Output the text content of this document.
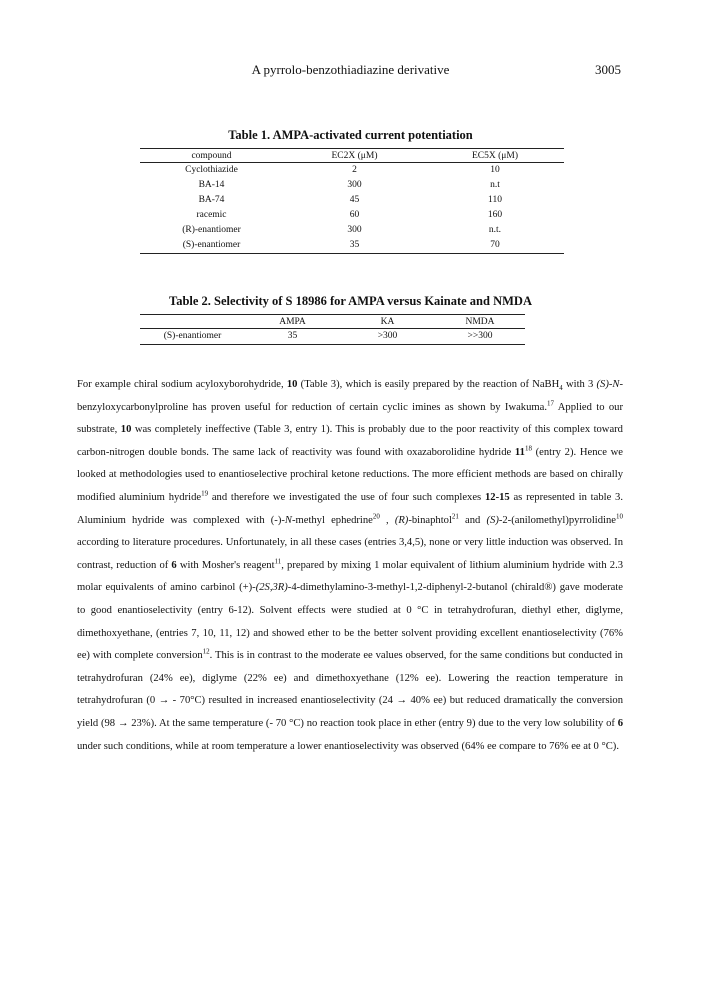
A pyrrolo-benzothiadiazine derivative	3005
Table 1. AMPA-activated current potentiation
compound	EC2X (μM)	EC5X (μM)
Cyclothiazide	2	10
BA-14	300	n.t
BA-74	45	110
racemic	60	160
(R)-enantiomer	300	n.t.
(S)-enantiomer	35	70
Table 2. Selectivity of S 18986 for AMPA versus Kainate and NMDA
	AMPA	KA	NMDA
(S)-enantiomer	35	>300	>>300

For example chiral sodium acyloxyborohydride, 10 (Table 3), which is easily prepared by the reaction of NaBH$_4$ with 3 (S)-N-benzyloxycarbonylproline has proven useful for reduction of certain cyclic imines as shown by Iwakuma.$^{17}$ Applied to our substrate, 10 was completely ineffective (Table 3, entry 1). This is probably due to the poor reactivity of this complex toward carbon-nitrogen double bonds. The same lack of reactivity was found with oxazaborolidine hydride $11^{18}$ (entry 2). Hence we looked at methodologies used to enantioselective prochiral ketone reductions. The more efficient methods are based on chirally modified aluminium hydride$^{19}$ and therefore we investigated the use of four such complexes 12-15 as represented in table 3. Aluminium hydride was complexed with (-)-N-methyl ephedrine$^{20}$ , (R)-binaphtol$^{21}$ and (S)-2-(anilomethyl)pyrrolidine$^{10}$ according to literature procedures. Unfortunately, in all these cases (entries 3,4,5), none or very little induction was observed. In contrast, reduction of 6 with Mosher's reagent$^{11}$, prepared by mixing 1 molar equivalent of lithium aluminium hydride with 2.3 molar equivalents of amino carbinol (+)-(2S,3R)-4-dimethylamino-3-methyl-1,2-diphenyl-2-butanol (chirald®) gave moderate to good enantioselectivity (entry 6-12). Solvent effects were studied at 0 °C in tetrahydrofuran, diethyl ether, diglyme, dimethoxyethane, (entries 7, 10, 11, 12) and showed ether to be the better solvent providing excellent enantioselectivity (76% ee) with complete conversion$^{12}$. This is in contrast to the moderate ee values observed, for the same conditions but conducted in tetrahydrofuran (24% ee), diglyme (22% ee) and dimethoxyethane (12% ee). Lowering the reaction temperature in tetrahydrofuran (0 → - 70°C) resulted in increased enantioselectivity (24 → 40% ee) but reduced dramatically the conversion yield (98 → 23%). At the same temperature (- 70 °C) no reaction took place in ether (entry 9) due to the very low solubility of 6 under such conditions, while at room temperature a lower enantioselectivity was observed (64% ee compare to 76% ee at 0 °C).
